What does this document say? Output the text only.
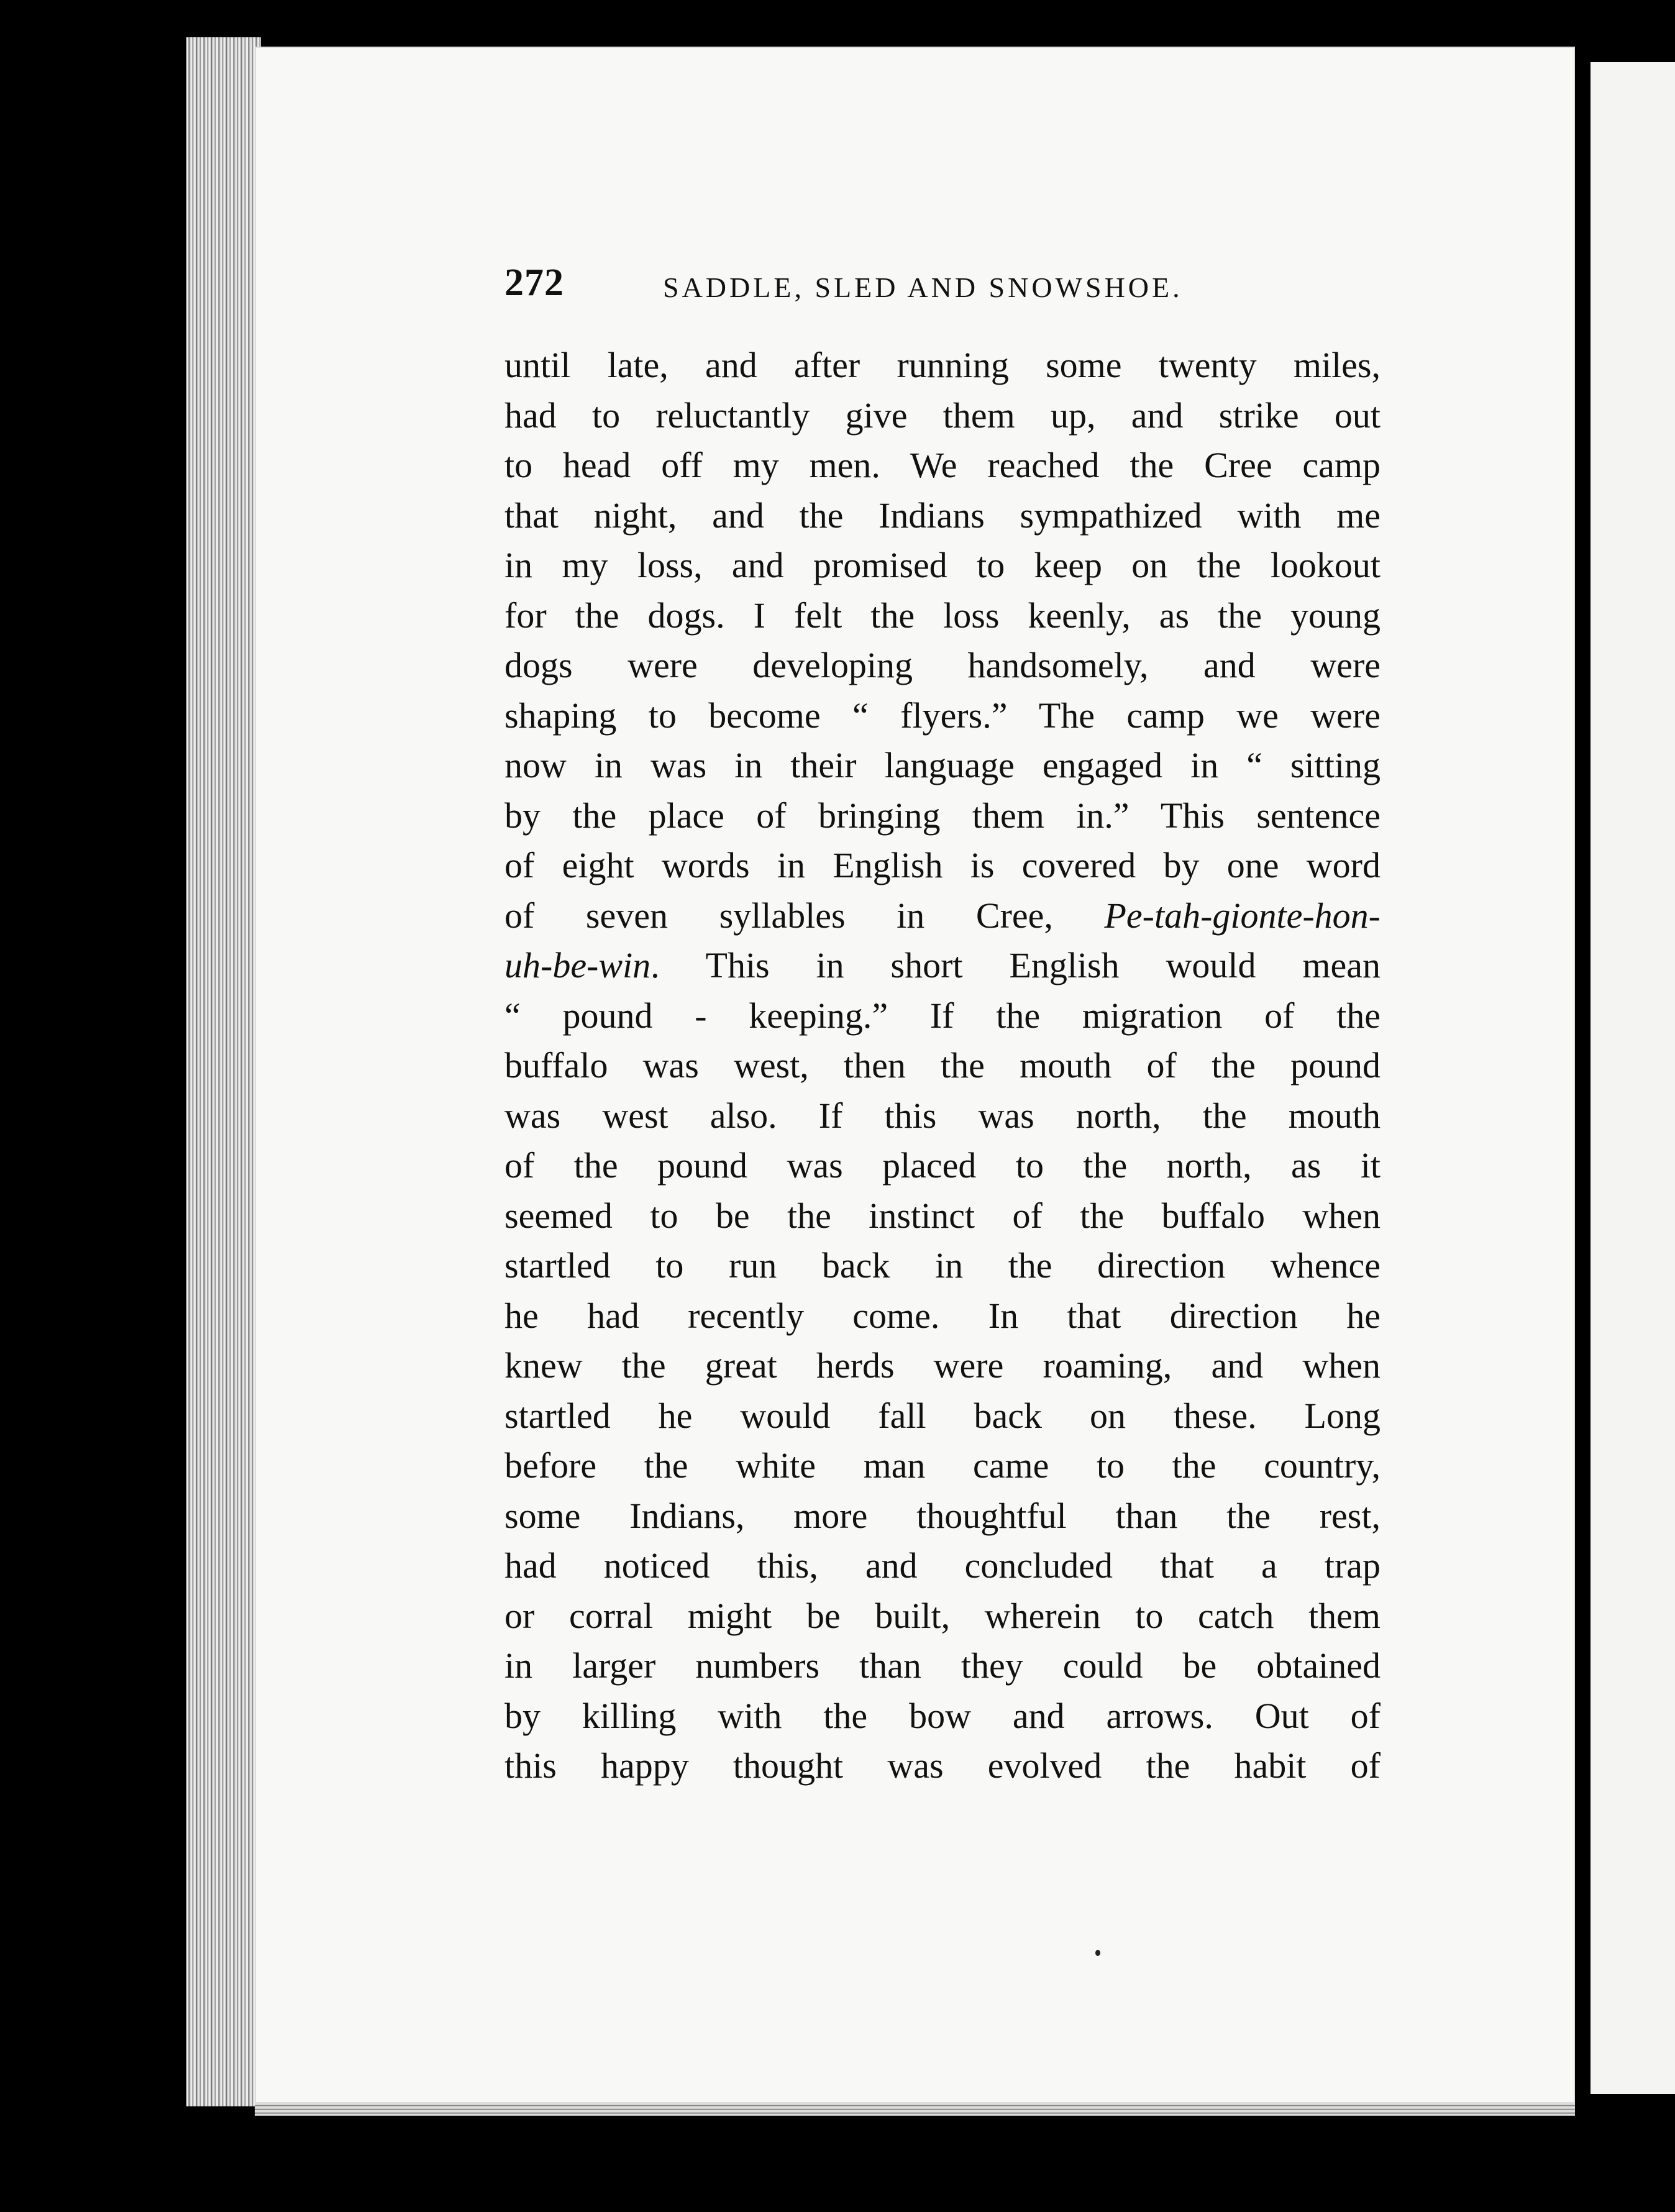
272	SADDLE, SLED AND SNOWSHOE.
until late, and after running some twenty miles,
had to reluctantly give them up, and strike out
to head off my men. We reached the Cree camp
that night, and the Indians sympathized with me
in my loss, and promised to keep on the lookout
for the dogs. I felt the loss keenly, as the young
dogs were developing handsomely, and were
shaping to become “ flyers.” The camp we were
now in was in their language engaged in “ sitting
by the place of bringing them in.” This sentence
of eight words in English is covered by one word
of seven syllables in Cree, Pe-tah-gionte-hon-
uh-be-win. This in short English would mean
“ pound - keeping.” If the migration of the
buffalo was west, then the mouth of the pound
was west also. If this was north, the mouth
of the pound was placed to the north, as it
seemed to be the instinct of the buffalo when
startled to run back in the direction whence
he had recently come. In that direction he
knew the great herds were roaming, and when
startled he would fall back on these. Long
before the white man came to the country,
some Indians, more thoughtful than the rest,
had noticed this, and concluded that a trap
or corral might be built, wherein to catch them
in larger numbers than they could be obtained
by killing with the bow and arrows. Out of
this happy thought was evolved the habit of
